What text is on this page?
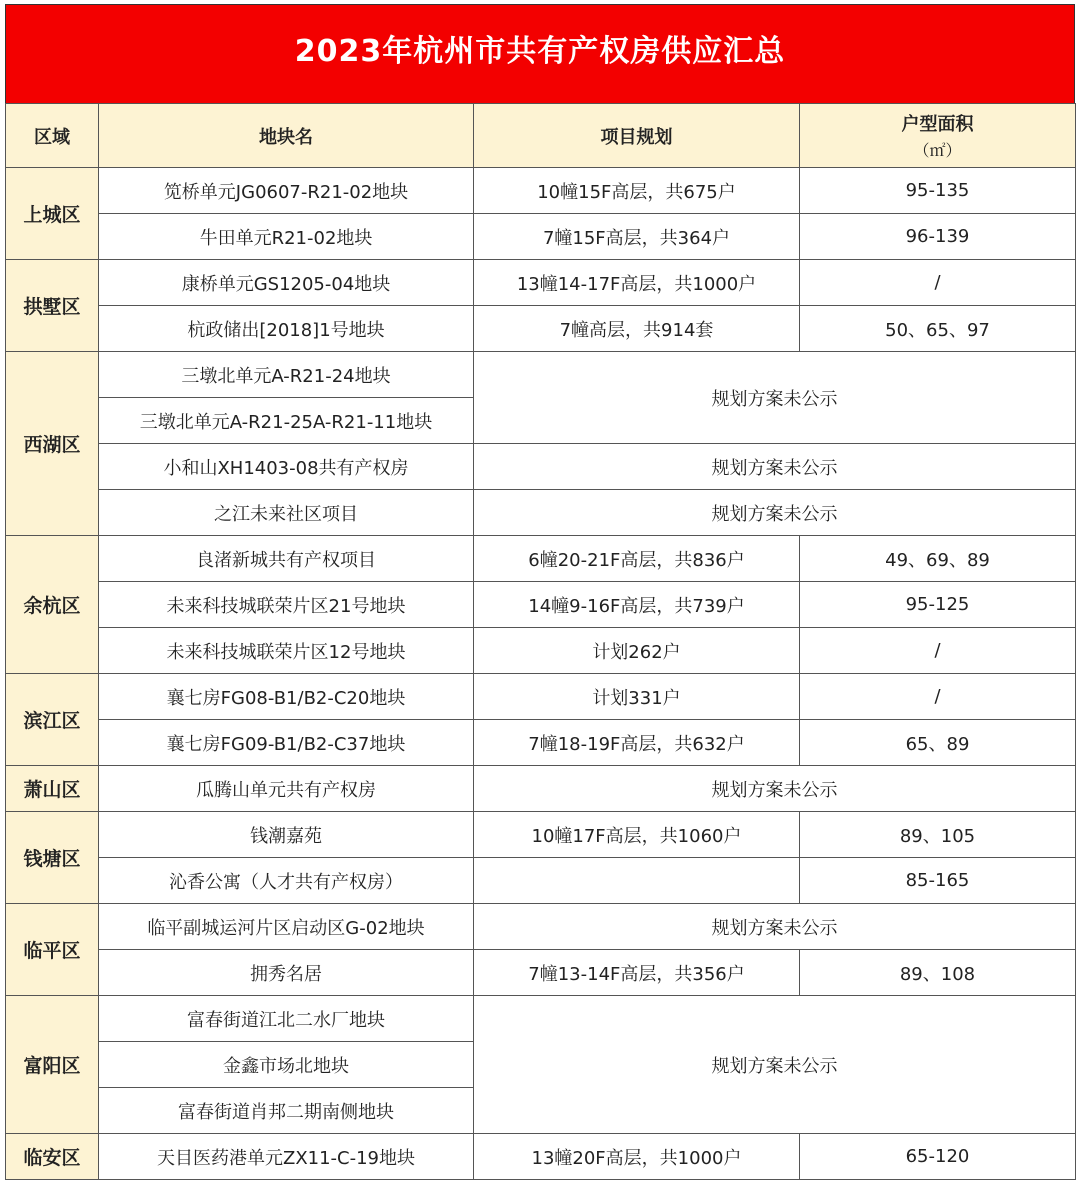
2023年杭州市共有产权房供应汇总
区域	地块名	项目规划	户型面积
（㎡）

上城区	笕桥单元JG0607-R21-02地块	10幢15F高层，共675户	95-135
	牛田单元R21-02地块	7幢15F高层，共364户	96-139
拱墅区	康桥单元GS1205-04地块	13幢14-17F高层，共1000户	/
	杭政储出[2018]1号地块	7幢高层，共914套	50、65、97
西湖区	三墩北单元A-R21-24地块	规划方案未公示	
	三墩北单元A-R21-25A-R21-11地块		
	小和山XH1403-08共有产权房	规划方案未公示	
	之江未来社区项目	规划方案未公示	
余杭区	良渚新城共有产权项目	6幢20-21F高层，共836户	49、69、89
	未来科技城联荣片区21号地块	14幢9-16F高层，共739户	95-125
	未来科技城联荣片区12号地块	计划262户	/
滨江区	襄七房FG08-B1/B2-C20地块	计划331户	/
	襄七房FG09-B1/B2-C37地块	7幢18-19F高层，共632户	65、89
萧山区	瓜腾山单元共有产权房	规划方案未公示	
钱塘区	钱潮嘉苑	10幢17F高层，共1060户	89、105
	沁香公寓（人才共有产权房）		85-165
临平区	临平副城运河片区启动区G-02地块	规划方案未公示	
	拥秀名居	7幢13-14F高层，共356户	89、108
富阳区	富春街道江北二水厂地块	规划方案未公示	
	金鑫市场北地块		
	富春街道肖邦二期南侧地块		
临安区	天目医药港单元ZX11-C-19地块	13幢20F高层，共1000户	65-120
